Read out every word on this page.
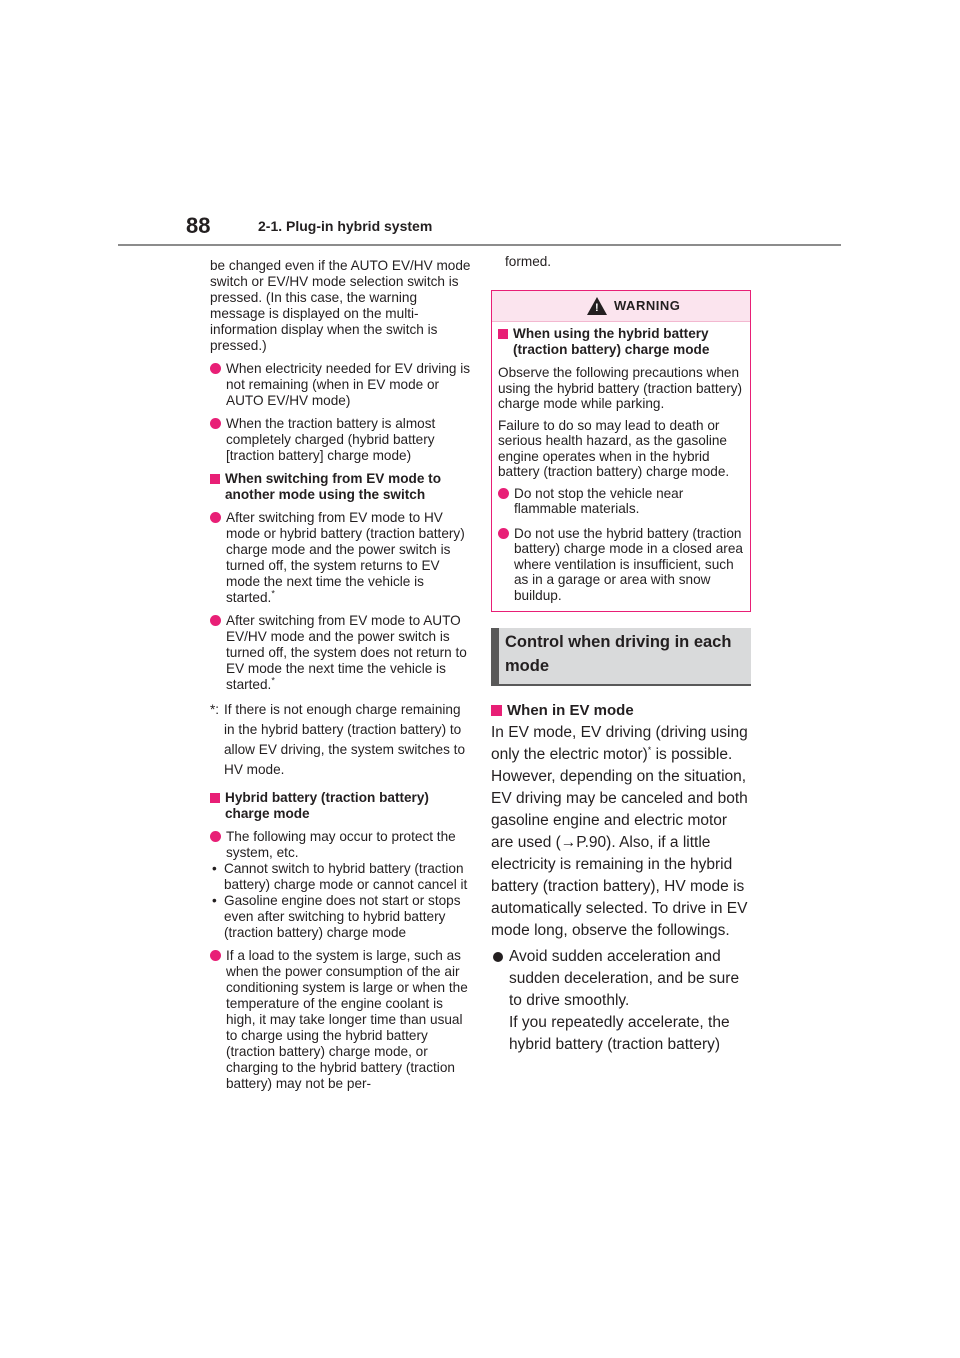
88	2-1. Plug-in hybrid system

be changed even if the AUTO EV/HV mode switch or EV/HV mode selection switch is pressed. (In this case, the warning message is displayed on the multi-information display when the switch is pressed.)

When electricity needed for EV driving is not remaining (when in EV mode or AUTO EV/HV mode)
When the traction battery is almost completely charged (hybrid battery [traction battery] charge mode)
When switching from EV mode to another mode using the switch
After switching from EV mode to HV mode or hybrid battery (traction battery) charge mode and the power switch is turned off, the system returns to EV mode the next time the vehicle is started.*
After switching from EV mode to AUTO EV/HV mode and the power switch is turned off, the system does not return to EV mode the next time the vehicle is started.*
*: If there is not enough charge remaining in the hybrid battery (traction battery) to allow EV driving, the system switches to HV mode.
Hybrid battery (traction battery) charge mode
The following may occur to protect the system, etc.
• Cannot switch to hybrid battery (traction battery) charge mode or cannot cancel it
• Gasoline engine does not start or stops even after switching to hybrid battery (traction battery) charge mode
If a load to the system is large, such as when the power consumption of the air conditioning system is large or when the temperature of the engine coolant is high, it may take longer time than usual to charge using the hybrid battery (traction battery) charge mode, or charging to the hybrid battery (traction battery) may not be per-

formed.

! WARNING
When using the hybrid battery (traction battery) charge mode

Observe the following precautions when using the hybrid battery (traction battery) charge mode while parking.

Failure to do so may lead to death or serious health hazard, as the gasoline engine operates when in the hybrid battery (traction battery) charge mode.

Do not stop the vehicle near flammable materials.
Do not use the hybrid battery (traction battery) charge mode in a closed area where ventilation is insufficient, such as in a garage or area with snow buildup.
Control when driving in each mode
When in EV mode

In EV mode, EV driving (driving using only the electric motor)* is possible. However, depending on the situation, EV driving may be canceled and both gasoline engine and electric motor are used (→P.90). Also, if a little electricity is remaining in the hybrid battery (traction battery), HV mode is automatically selected. To drive in EV mode long, observe the followings.

Avoid sudden acceleration and sudden deceleration, and be sure to drive smoothly.
If you repeatedly accelerate, the hybrid battery (traction battery)
